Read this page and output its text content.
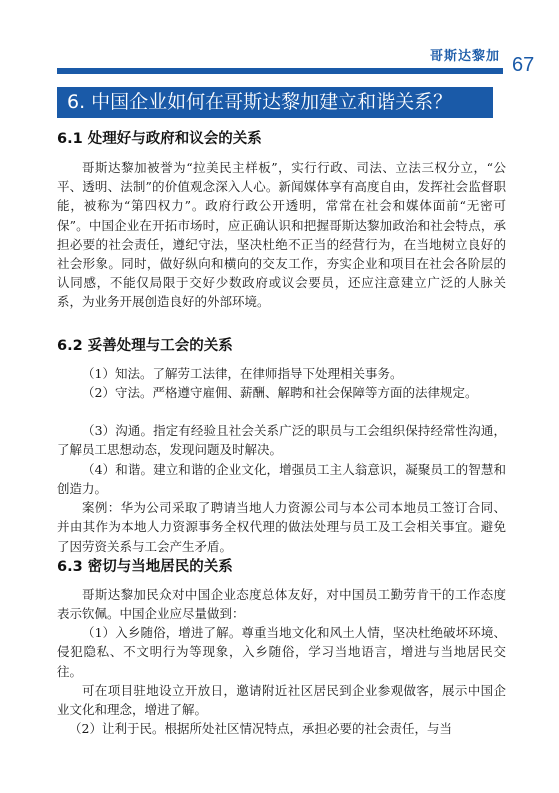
哥斯达黎加 67
6. 中国企业如何在哥斯达黎加建立和谐关系？
6.1 处理好与政府和议会的关系

哥斯达黎加被誉为“拉美民主样板”，实行行政、司法、立法三权分立，“公平、透明、法制”的价值观念深入人心。新闻媒体享有高度自由，发挥社会监督职能，被称为“第四权力”。政府行政公开透明，常常在社会和媒体面前“无密可保”。中国企业在开拓市场时，应正确认识和把握哥斯达黎加政治和社会特点，承担必要的社会责任，遵纪守法，坚决杜绝不正当的经营行为，在当地树立良好的社会形象。同时，做好纵向和横向的交友工作，夯实企业和项目在社会各阶层的认同感，不能仅局限于交好少数政府或议会要员，还应注意建立广泛的人脉关系，为业务开展创造良好的外部环境。

6.2 妥善处理与工会的关系

（1）知法。了解劳工法律，在律师指导下处理相关事务。

（2）守法。严格遵守雇佣、薪酬、解聘和社会保障等方面的法律规定。

（3）沟通。指定有经验且社会关系广泛的职员与工会组织保持经常性沟通，了解员工思想动态，发现问题及时解决。

（4）和谐。建立和谐的企业文化，增强员工主人翁意识，凝聚员工的智慧和创造力。

案例：华为公司采取了聘请当地人力资源公司与本公司本地员工签订合同、并由其作为本地人力资源事务全权代理的做法处理与员工及工会相关事宜。避免了因劳资关系与工会产生矛盾。

6.3 密切与当地居民的关系

哥斯达黎加民众对中国企业态度总体友好，对中国员工勤劳肯干的工作态度表示钦佩。中国企业应尽量做到：

（1）入乡随俗，增进了解。尊重当地文化和风土人情，坚决杜绝破坏环境、侵犯隐私、不文明行为等现象，入乡随俗，学习当地语言，增进与当地居民交往。

可在项目驻地设立开放日，邀请附近社区居民到企业参观做客，展示中国企业文化和理念，增进了解。

（2）让利于民。根据所处社区情况特点，承担必要的社会责任，与当
